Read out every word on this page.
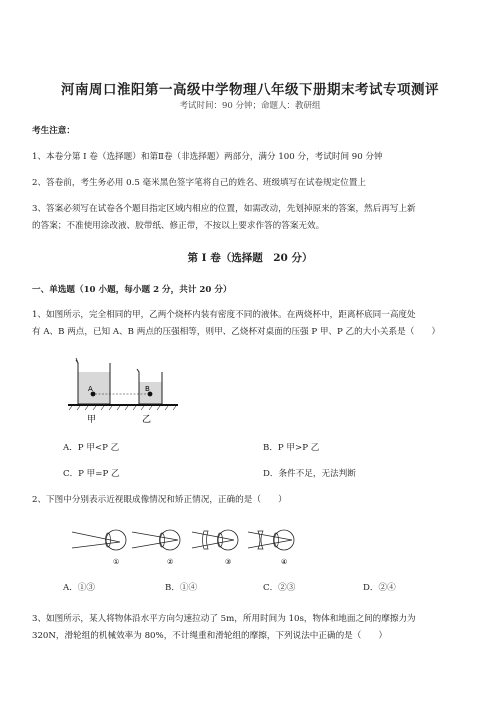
河南周口淮阳第一高级中学物理八年级下册期末考试专项测评
考试时间：90 分钟；命题人：教研组
考生注意：
1、本卷分第 I 卷（选择题）和第Ⅱ卷（非选择题）两部分，满分 100 分，考试时间 90 分钟
2、答卷前，考生务必用 0.5 毫米黑色签字笔将自己的姓名、班级填写在试卷规定位置上
3、答案必须写在试卷各个题目指定区域内相应的位置，如需改动，先划掉原来的答案，然后再写上新
的答案；不准使用涂改液、胶带纸、修正带，不按以上要求作答的答案无效。
第 I 卷（选择题　20 分）
一、单选题（10 小题，每小题 2 分，共计 20 分）
1、如图所示，完全相同的甲，乙两个烧杯内装有密度不同的液体。在两烧杯中，距离杯底同一高度处
有 A、B 两点，已知 A、B 两点的压强相等，则甲、乙烧杯对桌面的压强 P 甲、P 乙的大小关系是（　　）
A	B
甲	乙
A．P 甲<P 乙	B．P 甲>P 乙
C．P 甲=P 乙	D．条件不足，无法判断
2、下图中分别表示近视眼成像情况和矫正情况，正确的是（　　）
①	②	③	④
A．①③	B．①④	C．②③	D．②④
3、如图所示，某人将物体沿水平方向匀速拉动了 5m，所用时间为 10s，物体和地面之间的摩擦力为
320N，滑轮组的机械效率为 80%，不计绳重和滑轮组的摩擦，下列说法中正确的是（　　）
